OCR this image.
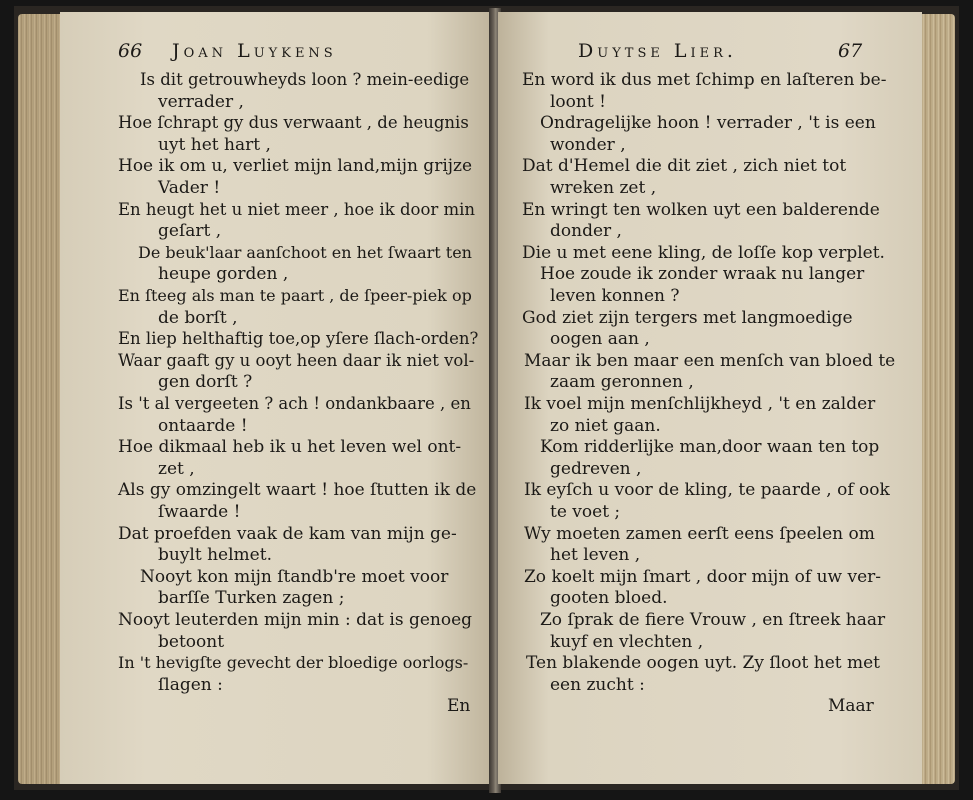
66 Joan Luykens
Is dit getrouwheyds loon ? mein-eedige
verrader ,
Hoe ſchrapt gy dus verwaant , de heugnis
uyt het hart ,
Hoe ik om u, verliet mijn land,mijn grijze
Vader !
En heugt het u niet meer , hoe ik door min
geſart ,
De beuk'laar aanſchoot en het ſwaart ten
heupe gorden ,
En ſteeg als man te paart , de ſpeer-piek op
de borſt ,
En liep helthaftig toe,op yſere ſlach-orden?
Waar gaaft gy u ooyt heen daar ik niet vol-
gen dorſt ?
Is 't al vergeeten ? ach ! ondankbaare , en
ontaarde !
Hoe dikmaal heb ik u het leven wel ont-
zet ,
Als gy omzingelt waart ! hoe ſtutten ik de
ſwaarde !
Dat proefden vaak de kam van mijn ge-
buylt helmet.
Nooyt kon mijn ſtandb're moet voor
barſſe Turken zagen ;
Nooyt leuterden mijn min : dat is genoeg
betoont
In 't hevigſte gevecht der bloedige oorlogs-
ſlagen :
En
Duytse Lier.	67
En word ik dus met ſchimp en laſteren be-
loont !
Ondragelijke hoon ! verrader , 't is een
wonder ,
Dat d'Hemel die dit ziet , zich niet tot
wreken zet ,
En wringt ten wolken uyt een balderende
donder ,
Die u met eene kling, de loſſe kop verplet.
Hoe zoude ik zonder wraak nu langer
leven konnen ?
God ziet zijn tergers met langmoedige
oogen aan ,
Maar ik ben maar een menſch van bloed te
zaam geronnen ,
Ik voel mijn menſchlijkheyd , 't en zalder
zo niet gaan.
Kom ridderlijke man,door waan ten top
gedreven ,
Ik eyſch u voor de kling, te paarde , of ook
te voet ;
Wy moeten zamen eerſt eens ſpeelen om
het leven ,
Zo koelt mijn ſmart , door mijn of uw ver-
gooten bloed.
Zo ſprak de fiere Vrouw , en ſtreek haar
kuyf en vlechten ,
Ten blakende oogen uyt. Zy ſloot het met
een zucht :
Maar
